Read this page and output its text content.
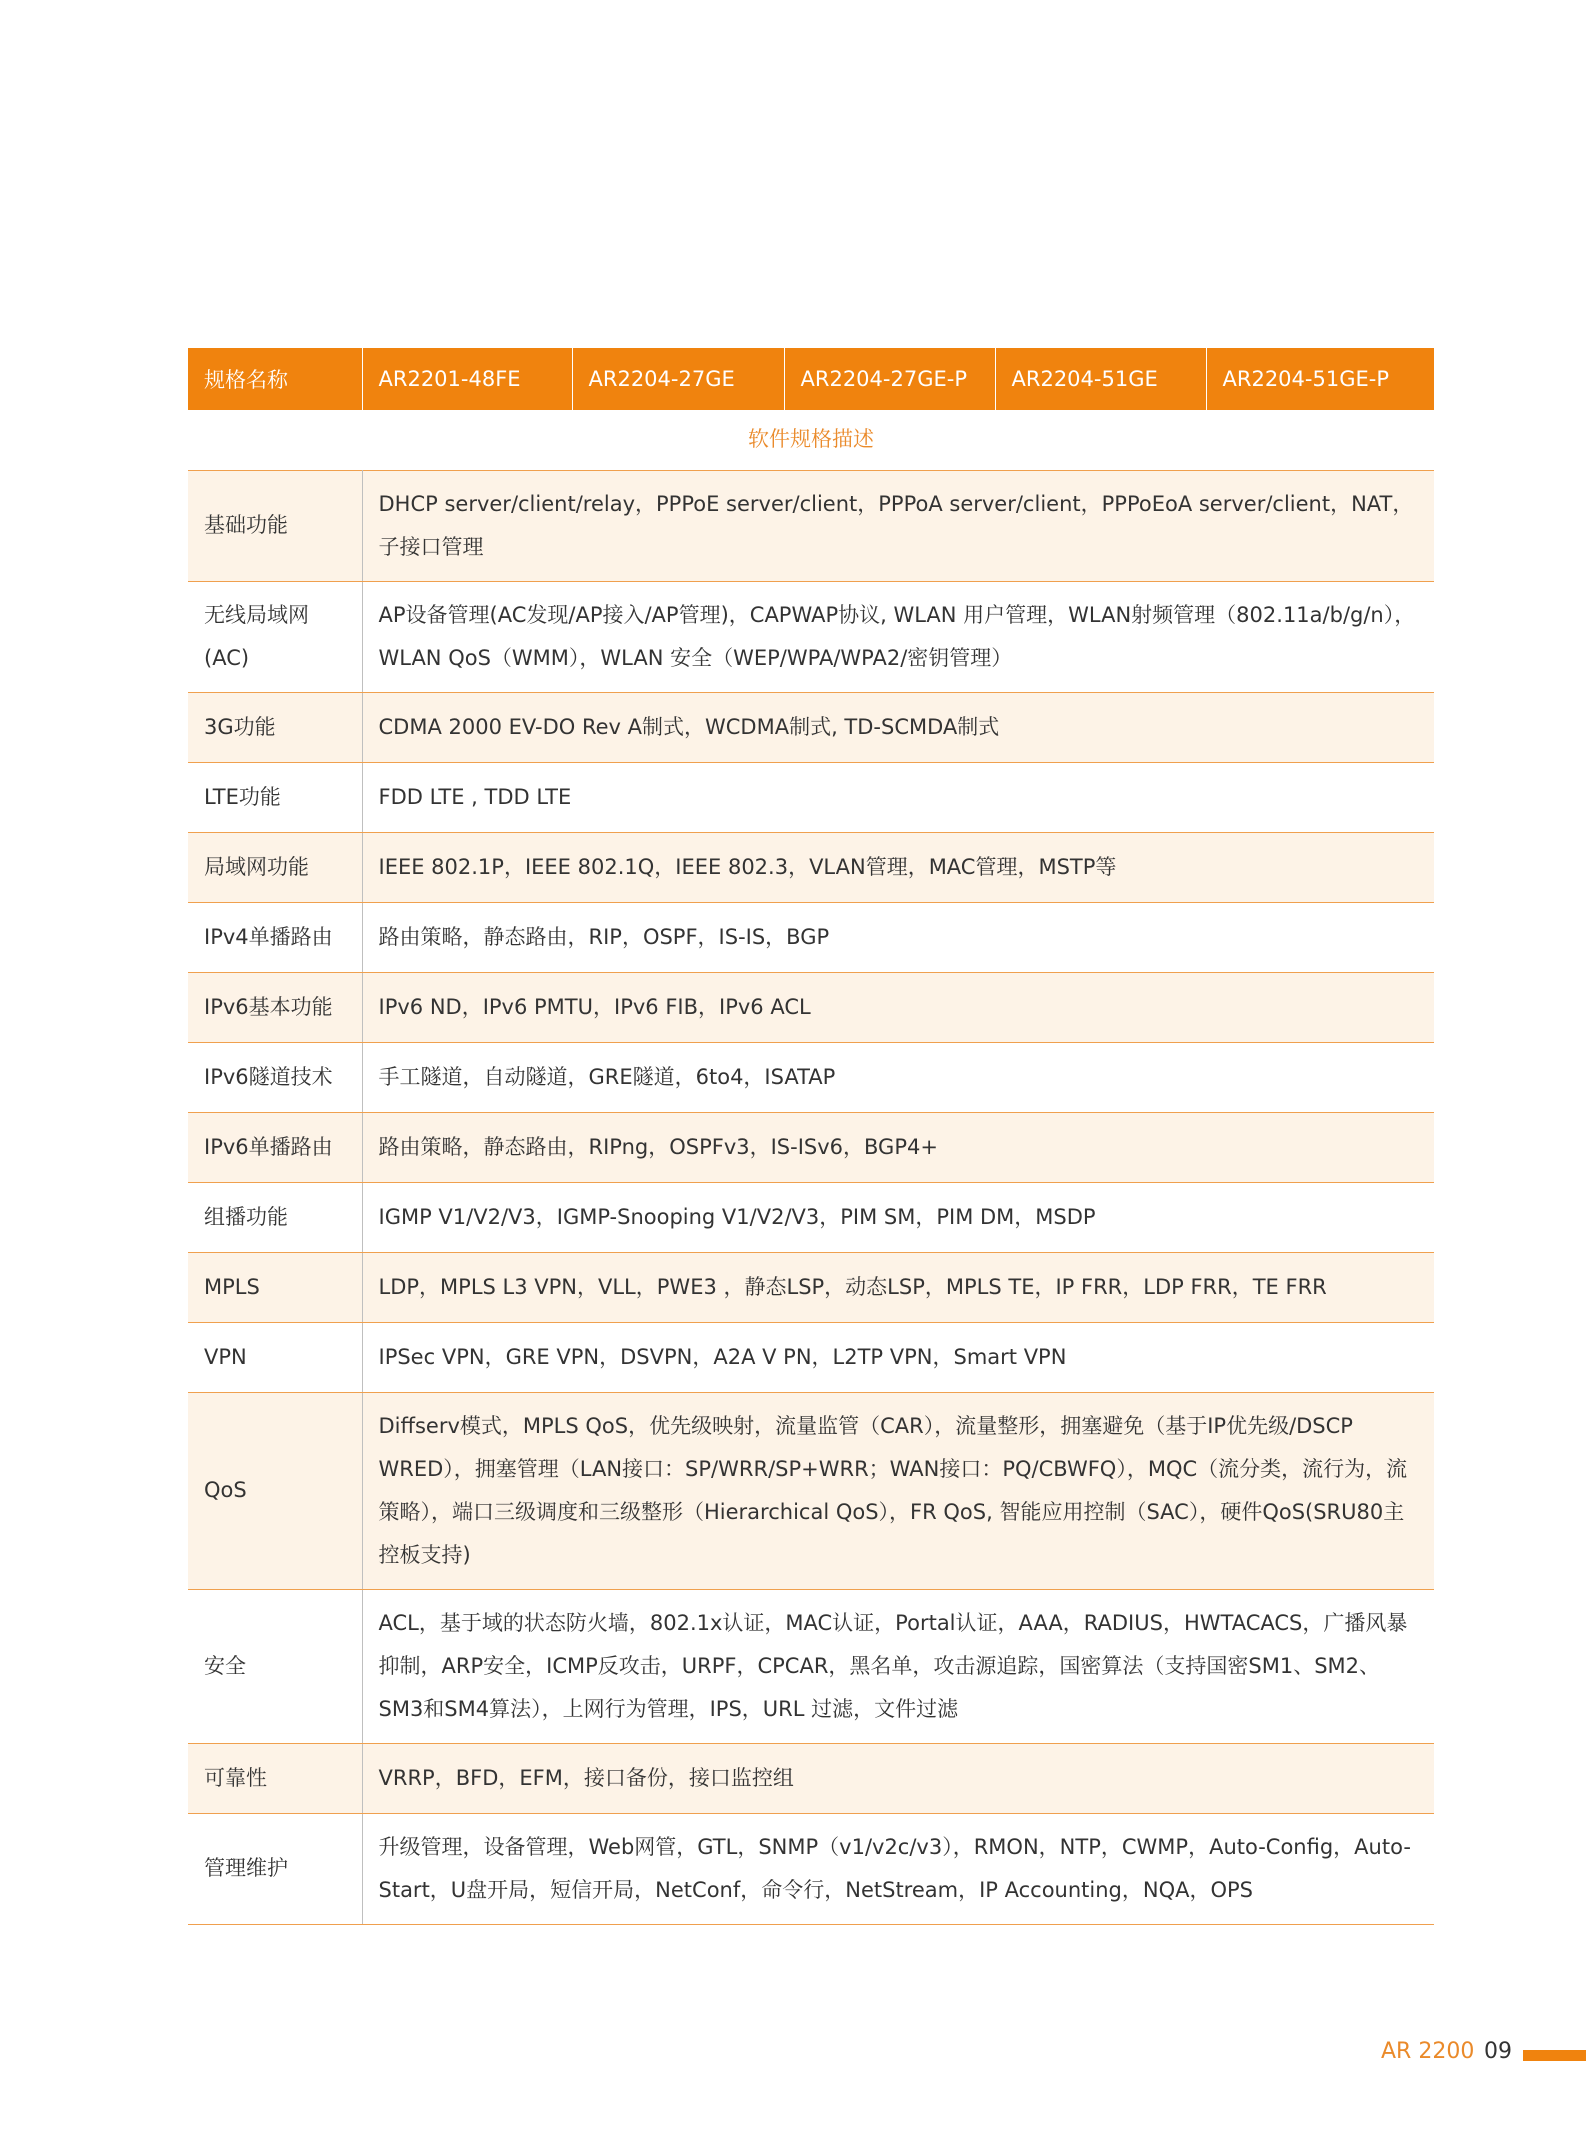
规格名称	AR2201-48FE	AR2204-27GE	AR2204-27GE-P	AR2204-51GE	AR2204-51GE-P
软件规格描述					
基础功能	DHCP server/client/relay，PPPoE server/client，PPPoA server/client，PPPoEoA server/client，NAT，子接口管理				
无线局域网(AC)	AP设备管理(AC发现/AP接入/AP管理)，CAPWAP协议, WLAN 用户管理，WLAN射频管理（802.11a/b/g/n），WLAN QoS（WMM），WLAN 安全（WEP/WPA/WPA2/密钥管理）				
3G功能	CDMA 2000 EV-DO Rev A制式，WCDMA制式, TD-SCMDA制式				
LTE功能	FDD LTE , TDD LTE				
局域网功能	IEEE 802.1P，IEEE 802.1Q，IEEE 802.3，VLAN管理，MAC管理，MSTP等				
IPv4单播路由	路由策略，静态路由，RIP，OSPF，IS-IS，BGP				
IPv6基本功能	IPv6 ND，IPv6 PMTU，IPv6 FIB，IPv6 ACL				
IPv6隧道技术	手工隧道，自动隧道，GRE隧道，6to4，ISATAP				
IPv6单播路由	路由策略，静态路由，RIPng，OSPFv3，IS-ISv6，BGP4+				
组播功能	IGMP V1/V2/V3，IGMP-Snooping V1/V2/V3，PIM SM，PIM DM，MSDP				
MPLS	LDP，MPLS L3 VPN，VLL，PWE3 ，静态LSP，动态LSP，MPLS TE，IP FRR，LDP FRR，TE FRR				
VPN	IPSec VPN，GRE VPN，DSVPN，A2A V PN，L2TP VPN，Smart VPN				
QoS	Diffserv模式，MPLS QoS，优先级映射，流量监管（CAR），流量整形，拥塞避免（基于IP优先级/DSCP WRED），拥塞管理（LAN接口：SP/WRR/SP+WRR；WAN接口：PQ/CBWFQ），MQC（流分类，流行为，流策略），端口三级调度和三级整形（Hierarchical QoS），FR QoS, 智能应用控制（SAC），硬件QoS(SRU80主控板支持)				
安全	ACL，基于域的状态防火墙，802.1x认证，MAC认证，Portal认证，AAA，RADIUS，HWTACACS，广播风暴抑制，ARP安全，ICMP反攻击，URPF，CPCAR，黑名单，攻击源追踪，国密算法（支持国密SM1、SM2、SM3和SM4算法），上网行为管理，IPS，URL 过滤，文件过滤				
可靠性	VRRP，BFD，EFM，接口备份，接口监控组				
管理维护	升级管理，设备管理，Web网管，GTL，SNMP（v1/v2c/v3），RMON，NTP，CWMP，Auto-Config，Auto-Start，U盘开局，短信开局，NetConf，命令行，NetStream，IP Accounting，NQA，OPS				
AR 2200 09
